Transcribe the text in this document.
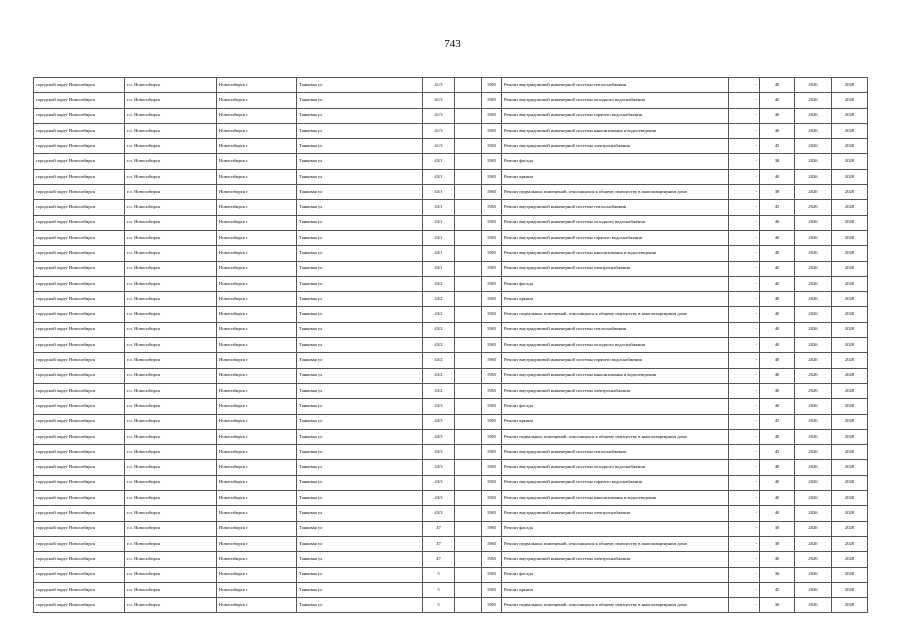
743
городской округ Новосибирск	г.о. Новосибирск	Новосибирск г	Танковая ул	41/3		1965	Ремонт внутридомовой инженерной системы теплоснабжения	-	40	2026	2028
городской округ Новосибирск	г.о. Новосибирск	Новосибирск г	Танковая ул	41/3		1965	Ремонт внутридомовой инженерной системы холодного водоснабжения	-	40	2026	2028
городской округ Новосибирск	г.о. Новосибирск	Новосибирск г	Танковая ул	41/3		1965	Ремонт внутридомовой инженерной системы горячего водоснабжения	-	46	2026	2028
городской округ Новосибирск	г.о. Новосибирск	Новосибирск г	Танковая ул	41/3		1965	Ремонт внутридомовой инженерной системы канализования и водоотведения	-	46	2026	2028
городской округ Новосибирск	г.о. Новосибирск	Новосибирск г	Танковая ул	41/3		1965	Ремонт внутридомовой инженерной системы электроснабжения	-	45	2026	2028
городской округ Новосибирск	г.о. Новосибирск	Новосибирск г	Танковая ул	43/1		1965	Ремонт фасада	-	38	2026	2028
городской округ Новосибирск	г.о. Новосибирск	Новосибирск г	Танковая ул	43/1		1965	Ремонт крыши	-	40	2026	2028
городской округ Новосибирск	г.о. Новосибирск	Новосибирск г	Танковая ул	43/1		1965	Ремонт подвальных помещений, относящихся к общему имуществу в многоквартирном доме	-	38	2026	2028
городской округ Новосибирск	г.о. Новосибирск	Новосибирск г	Танковая ул	43/1		1965	Ремонт внутридомовой инженерной системы теплоснабжения	-	45	2026	2028
городской округ Новосибирск	г.о. Новосибирск	Новосибирск г	Танковая ул	43/1		1965	Ремонт внутридомовой инженерной системы холодного водоснабжения	-	46	2026	2028
городской округ Новосибирск	г.о. Новосибирск	Новосибирск г	Танковая ул	43/1		1965	Ремонт внутридомовой инженерной системы горячего водоснабжения	-	40	2026	2028
городской округ Новосибирск	г.о. Новосибирск	Новосибирск г	Танковая ул	43/1		1965	Ремонт внутридомовой инженерной системы канализования и водоотведения	-	40	2026	2028
городской округ Новосибирск	г.о. Новосибирск	Новосибирск г	Танковая ул	43/1		1965	Ремонт внутридомовой инженерной системы электроснабжения	-	40	2026	2028
городской округ Новосибирск	г.о. Новосибирск	Новосибирск г	Танковая ул	43/2		1965	Ремонт фасада	-	40	2026	2028
городской округ Новосибирск	г.о. Новосибирск	Новосибирск г	Танковая ул	43/2		1965	Ремонт крыши	-	40	2026	2028
городской округ Новосибирск	г.о. Новосибирск	Новосибирск г	Танковая ул	43/2		1965	Ремонт подвальных помещений, относящихся к общему имуществу в многоквартирном доме	-	40	2026	2028
городской округ Новосибирск	г.о. Новосибирск	Новосибирск г	Танковая ул	43/2		1965	Ремонт внутридомовой инженерной системы теплоснабжения	-	40	2026	2028
городской округ Новосибирск	г.о. Новосибирск	Новосибирск г	Танковая ул	43/2		1965	Ремонт внутридомовой инженерной системы холодного водоснабжения	-	40	2026	2028
городской округ Новосибирск	г.о. Новосибирск	Новосибирск г	Танковая ул	43/2		1965	Ремонт внутридомовой инженерной системы горячего водоснабжения	-	40	2026	2028
городской округ Новосибирск	г.о. Новосибирск	Новосибирск г	Танковая ул	43/2		1965	Ремонт внутридомовой инженерной системы канализования и водоотведения	-	40	2026	2028
городской округ Новосибирск	г.о. Новосибирск	Новосибирск г	Танковая ул	43/2		1965	Ремонт внутридомовой инженерной системы электроснабжения	-	40	2026	2028
городской округ Новосибирск	г.о. Новосибирск	Новосибирск г	Танковая ул	43/3		1965	Ремонт фасада	-	40	2026	2028
городской округ Новосибирск	г.о. Новосибирск	Новосибирск г	Танковая ул	43/3		1965	Ремонт крыши	-	45	2026	2028
городской округ Новосибирск	г.о. Новосибирск	Новосибирск г	Танковая ул	43/3		1965	Ремонт подвальных помещений, относящихся к общему имуществу в многоквартирном доме	-	40	2026	2028
городской округ Новосибирск	г.о. Новосибирск	Новосибирск г	Танковая ул	43/3		1965	Ремонт внутридомовой инженерной системы теплоснабжения	-	45	2026	2028
городской округ Новосибирск	г.о. Новосибирск	Новосибирск г	Танковая ул	43/3		1965	Ремонт внутридомовой инженерной системы холодного водоснабжения	-	40	2026	2028
городской округ Новосибирск	г.о. Новосибирск	Новосибирск г	Танковая ул	43/3		1965	Ремонт внутридомовой инженерной системы горячего водоснабжения	-	40	2026	2028
городской округ Новосибирск	г.о. Новосибирск	Новосибирск г	Танковая ул	43/3		1965	Ремонт внутридомовой инженерной системы канализования и водоотведения	-	40	2026	2028
городской округ Новосибирск	г.о. Новосибирск	Новосибирск г	Танковая ул	43/3		1965	Ремонт внутридомовой инженерной системы электроснабжения	-	40	2026	2028
городской округ Новосибирск	г.о. Новосибирск	Новосибирск г	Танковая ул	47		1965	Ремонт фасада	-	30	2026	2028
городской округ Новосибирск	г.о. Новосибирск	Новосибирск г	Танковая ул	47		1965	Ремонт подвальных помещений, относящихся к общему имуществу в многоквартирном доме	-	30	2026	2028
городской округ Новосибирск	г.о. Новосибирск	Новосибирск г	Танковая ул	47		1965	Ремонт внутридомовой инженерной системы электроснабжения	-	40	2026	2028
городской округ Новосибирск	г.о. Новосибирск	Новосибирск г	Танковая ул	5		1965	Ремонт фасада	-	36	2026	2028
городской округ Новосибирск	г.о. Новосибирск	Новосибирск г	Танковая ул	5		1965	Ремонт крыши	-	45	2026	2028
городской округ Новосибирск	г.о. Новосибирск	Новосибирск г	Танковая ул	5		1965	Ремонт подвальных помещений, относящихся к общему имуществу в многоквартирном доме	-	36	2026	2028
